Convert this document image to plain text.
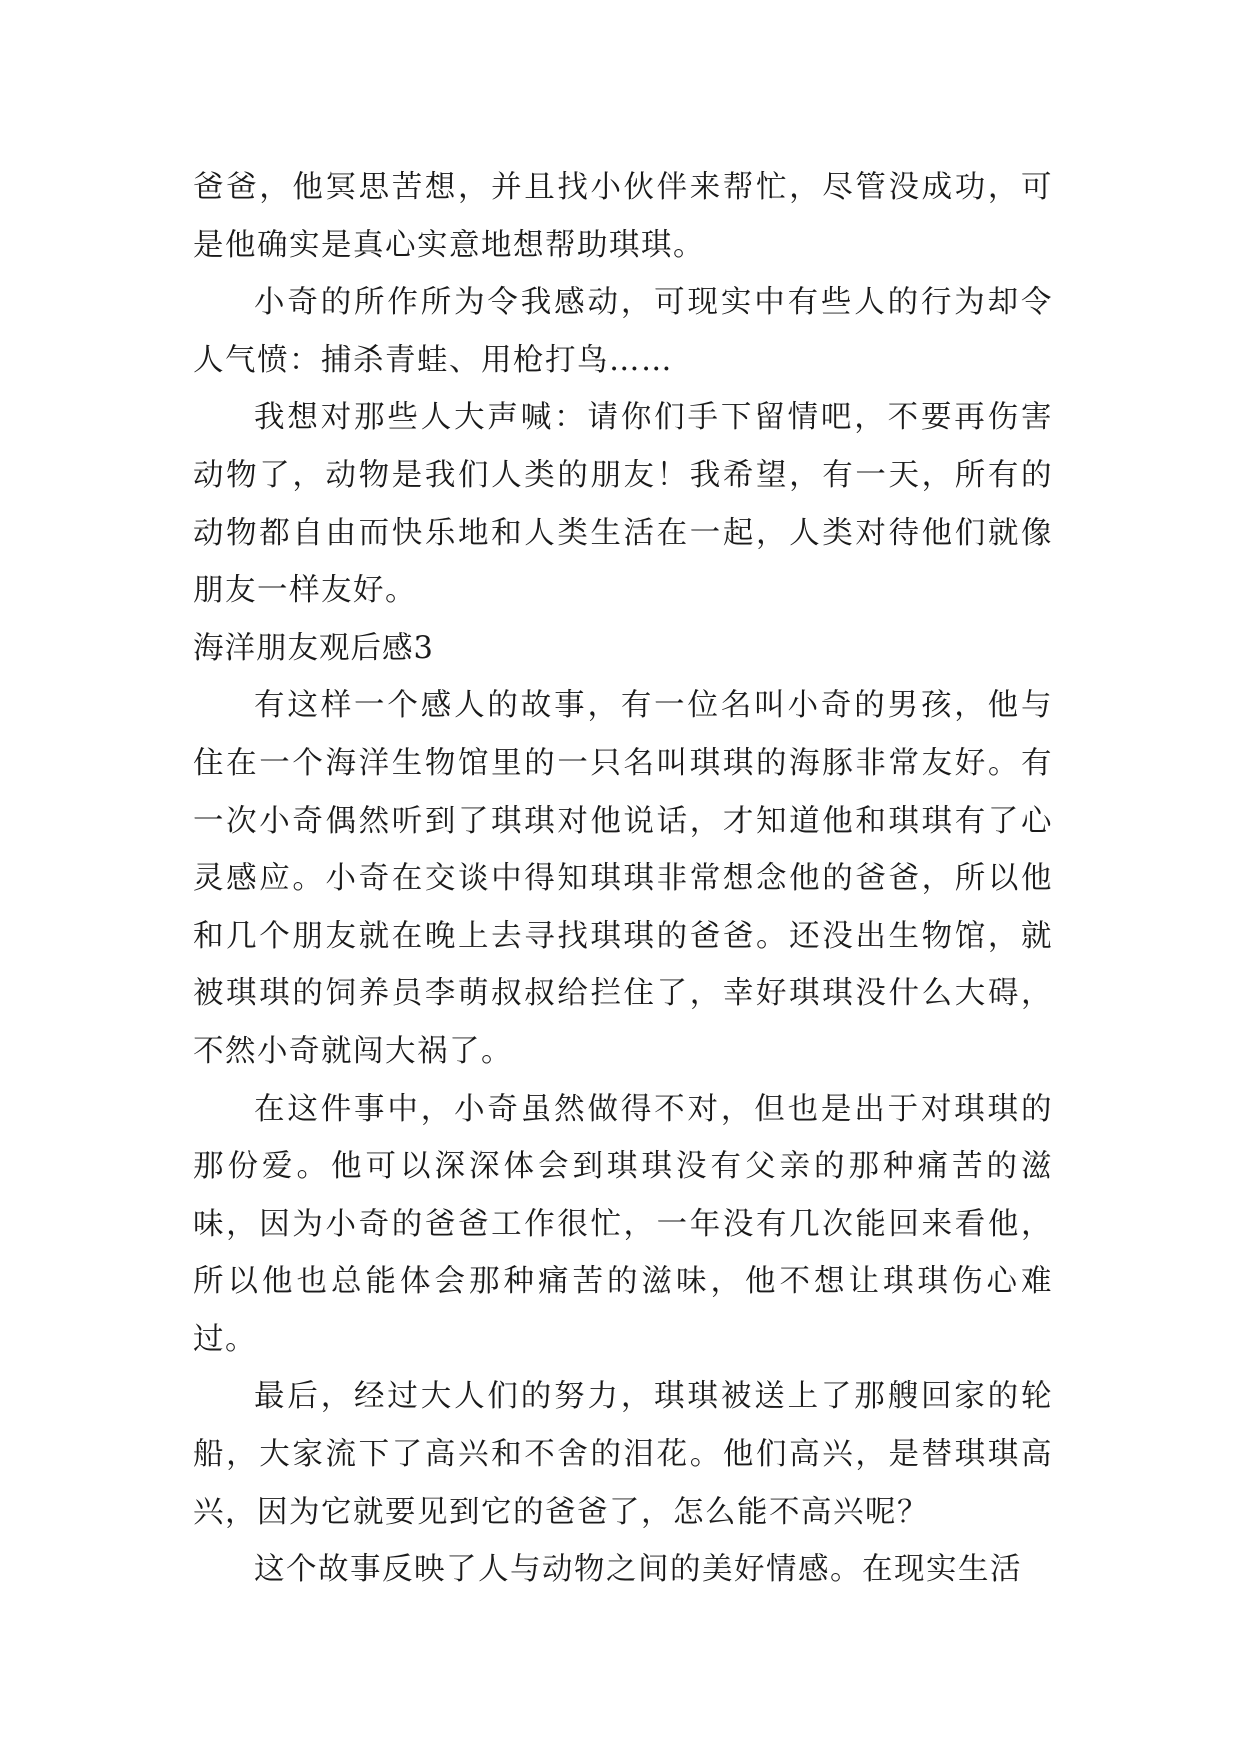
爸爸，他冥思苦想，并且找小伙伴来帮忙，尽管没成功，可是他确实是真心实意地想帮助琪琪。

小奇的所作所为令我感动，可现实中有些人的行为却令人气愤：捕杀青蛙、用枪打鸟……

我想对那些人大声喊：请你们手下留情吧，不要再伤害动物了，动物是我们人类的朋友！我希望，有一天，所有的动物都自由而快乐地和人类生活在一起，人类对待他们就像朋友一样友好。

海洋朋友观后感3

有这样一个感人的故事，有一位名叫小奇的男孩，他与住在一个海洋生物馆里的一只名叫琪琪的海豚非常友好。有一次小奇偶然听到了琪琪对他说话，才知道他和琪琪有了心灵感应。小奇在交谈中得知琪琪非常想念他的爸爸，所以他和几个朋友就在晚上去寻找琪琪的爸爸。还没出生物馆，就被琪琪的饲养员李萌叔叔给拦住了，幸好琪琪没什么大碍，不然小奇就闯大祸了。

在这件事中，小奇虽然做得不对，但也是出于对琪琪的那份爱。他可以深深体会到琪琪没有父亲的那种痛苦的滋味，因为小奇的爸爸工作很忙，一年没有几次能回来看他，所以他也总能体会那种痛苦的滋味，他不想让琪琪伤心难过。

最后，经过大人们的努力，琪琪被送上了那艘回家的轮船，大家流下了高兴和不舍的泪花。他们高兴，是替琪琪高兴，因为它就要见到它的爸爸了，怎么能不高兴呢？

这个故事反映了人与动物之间的美好情感。在现实生活
